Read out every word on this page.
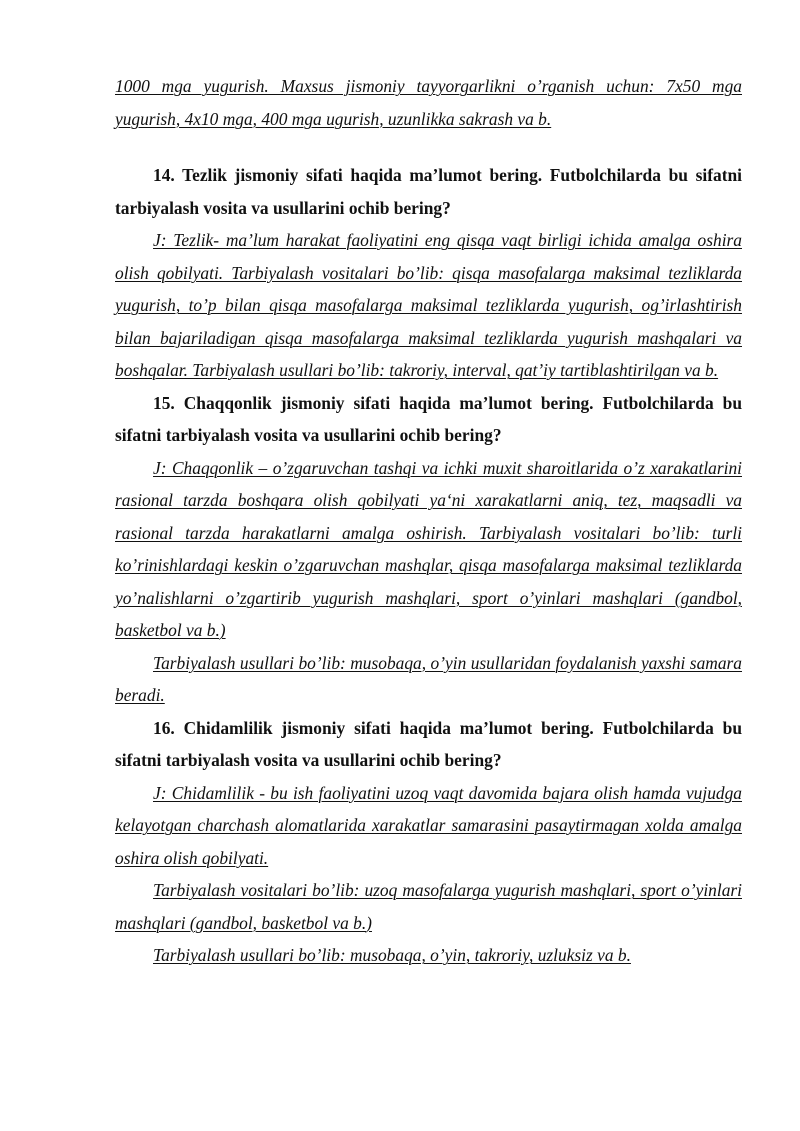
1000 mga yugurish. Maxsus jismoniy tayyorgarlikni o’rganish uchun: 7x50 mga yugurish, 4x10 mga, 400 mga ugurish, uzunlikka sakrash va b.

14. Tezlik jismoniy sifati haqida ma’lumot bering. Futbolchilarda bu sifatni tarbiyalash vosita va usullarini ochib bering?

J: Tezlik- ma’lum harakat faoliyatini eng qisqa vaqt birligi ichida amalga oshira olish qobilyati. Tarbiyalash vositalari bo’lib: qisqa masofalarga maksimal tezliklarda yugurish, to’p bilan qisqa masofalarga maksimal tezliklarda yugurish, og’irlashtirish bilan bajariladigan qisqa masofalarga maksimal tezliklarda yugurish mashqalari va boshqalar. Tarbiyalash usullari bo’lib: takroriy, interval, qat’iy tartiblashtirilgan va b.

15. Chaqqonlik jismoniy sifati haqida ma’lumot bering. Futbolchilarda bu sifatni tarbiyalash vosita va usullarini ochib bering?

J: Chaqqonlik – o’zgaruvchan tashqi va ichki muxit sharoitlarida o’z xarakatlarini rasional tarzda boshqara olish qobilyati ya‘ni xarakatlarni aniq, tez, maqsadli va rasional tarzda harakatlarni amalga oshirish. Tarbiyalash vositalari bo’lib: turli ko’rinishlardagi keskin o’zgaruvchan mashqlar, qisqa masofalarga maksimal tezliklarda yo’nalishlarni o’zgartirib yugurish mashqlari, sport o’yinlari mashqlari (gandbol, basketbol va b.)

Tarbiyalash usullari bo’lib: musobaqa, o’yin usullaridan foydalanish yaxshi samara beradi.

16. Chidamlilik jismoniy sifati haqida ma’lumot bering. Futbolchilarda bu sifatni tarbiyalash vosita va usullarini ochib bering?

J: Chidamlilik - bu ish faoliyatini uzoq vaqt davomida bajara olish hamda vujudga kelayotgan charchash alomatlarida xarakatlar samarasini pasaytirmagan xolda amalga oshira olish qobilyati.

Tarbiyalash vositalari bo’lib: uzoq masofalarga yugurish mashqlari, sport o’yinlari mashqlari (gandbol, basketbol va b.)

Tarbiyalash usullari bo’lib: musobaqa, o’yin, takroriy, uzluksiz va b.
